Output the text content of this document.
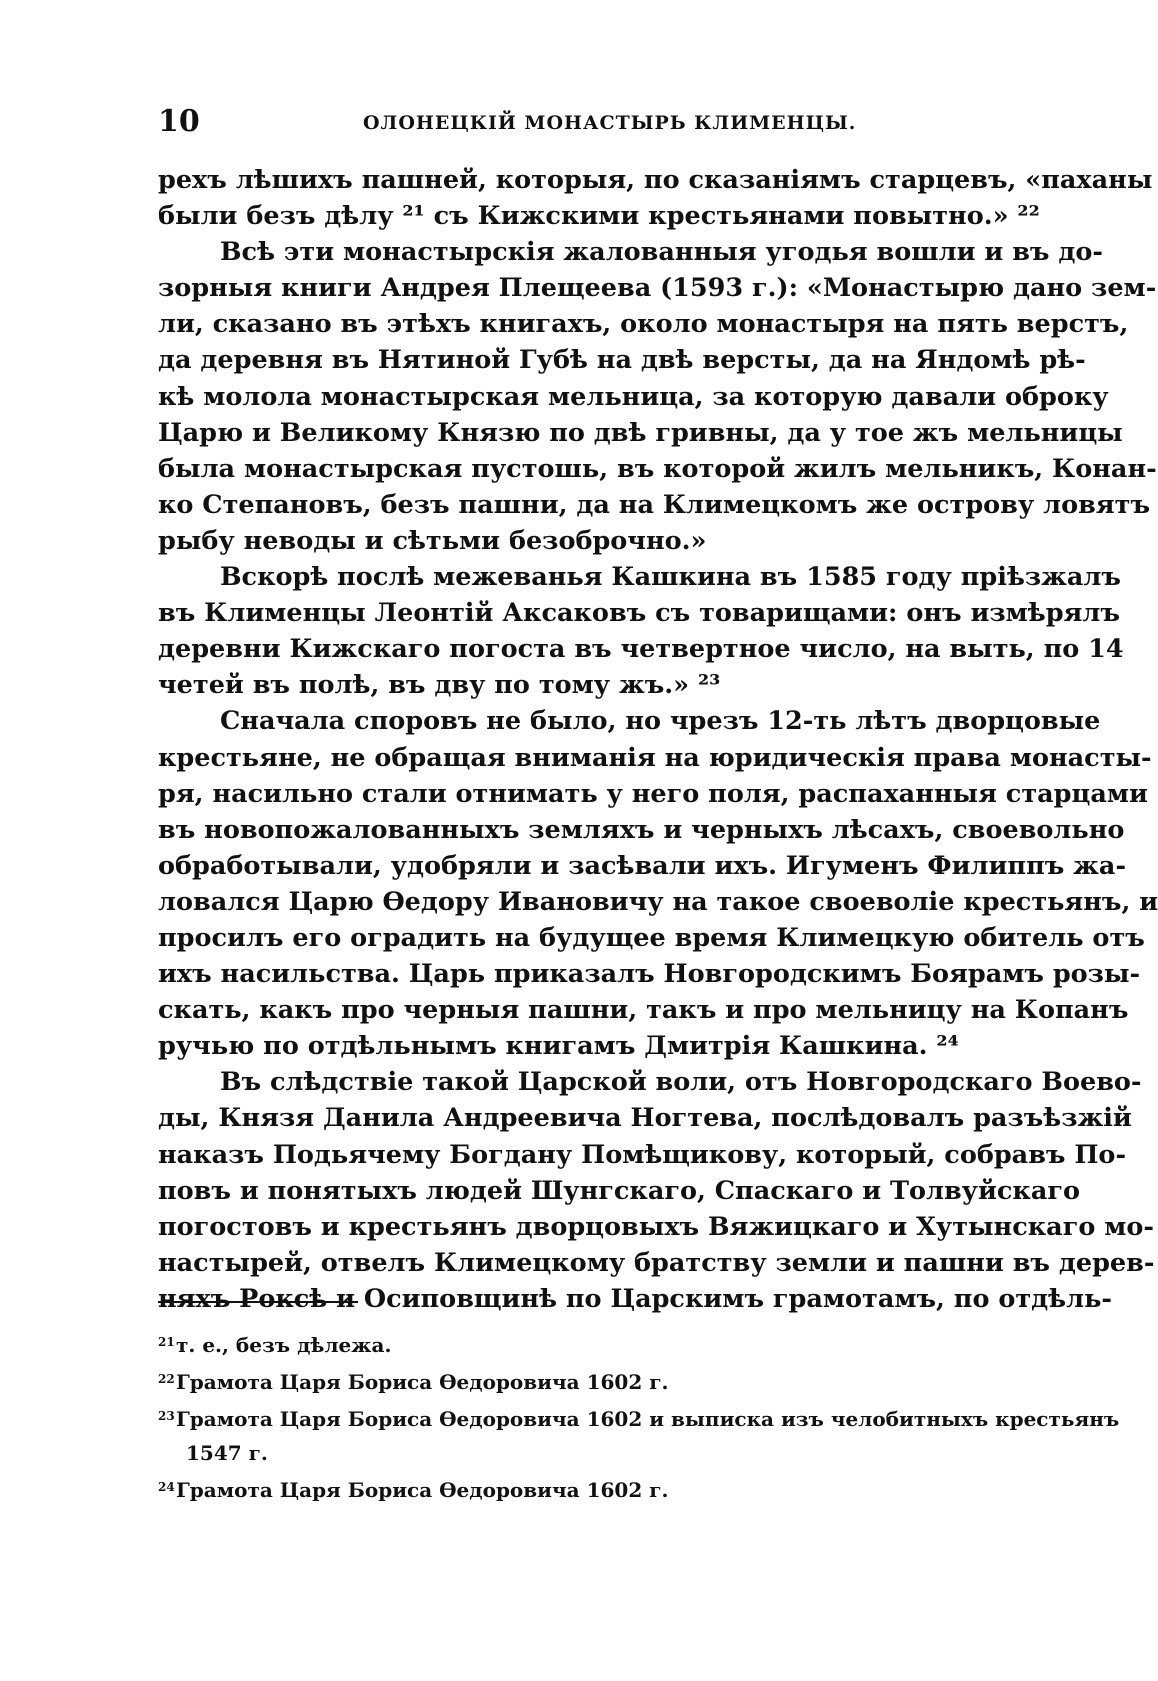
10	ОЛОНЕЦКІЙ МОНАСТЫРЬ КЛИМЕНЦЫ.
рехъ лѣшихъ пашней, которыя, по сказаніямъ старцевъ, «паханы
были безъ дѣлу ²¹ съ Кижскими крестьянами повытно.» ²²
Всѣ эти монастырскія жалованныя угодья вошли и въ до-
зорныя книги Андрея Плещеева (1593 г.): «Монастырю дано зем-
ли, сказано въ этѣхъ книгахъ, около монастыря на пять верстъ,
да деревня въ Нятиной Губѣ на двѣ версты, да на Яндомѣ рѣ-
кѣ молола монастырская мельница, за которую давали оброку
Царю и Великому Князю по двѣ гривны, да у тое жъ мельницы
была монастырская пустошь, въ которой жилъ мельникъ, Конан-
ко Степановъ, безъ пашни, да на Климецкомъ же острову ловятъ
рыбу неводы и сѣтьми безоброчно.»
Вскорѣ послѣ межеванья Кашкина въ 1585 году пріѣзжалъ
въ Клименцы Леонтій Аксаковъ съ товарищами: онъ измѣрялъ
деревни Кижскаго погоста въ четвертное число, на выть, по 14
четей въ полѣ, въ дву по тому жъ.» ²³
Сначала споровъ не было, но чрезъ 12-ть лѣтъ дворцовые
крестьяне, не обращая вниманія на юридическія права монасты-
ря, насильно стали отнимать у него поля, распаханныя старцами
въ новопожалованныхъ земляхъ и черныхъ лѣсахъ, своевольно
обработывали, удобряли и засѣвали ихъ. Игуменъ Филиппъ жа-
ловался Царю Ѳедору Ивановичу на такое своеволіе крестьянъ, и
просилъ его оградить на будущее время Климецкую обитель отъ
ихъ насильства. Царь приказалъ Новгородскимъ Боярамъ розы-
скать, какъ про черныя пашни, такъ и про мельницу на Копанъ
ручью по отдѣльнымъ книгамъ Дмитрія Кашкина. ²⁴
Въ слѣдствіе такой Царской воли, отъ Новгородскаго Воево-
ды, Князя Данила Андреевича Ногтева, послѣдовалъ разъѣзжій
наказъ Подьячему Богдану Помѣщикову, который, собравъ По-
повъ и понятыхъ людей Шунгскаго, Спаскаго и Толвуйскаго
погостовъ и крестьянъ дворцовыхъ Вяжицкаго и Хутынскаго мо-
настырей, отвелъ Климецкому братству земли и пашни въ дерев-
няхъ Роксѣ и Осиповщинѣ по Царскимъ грамотамъ, по отдѣль-
21т. е., безъ дѣлежа.
22Грамота Царя Бориса Ѳедоровича 1602 г.
23Грамота Царя Бориса Ѳедоровича 1602 и выписка изъ челобитныхъ крестьянъ
1547 г.
24Грамота Царя Бориса Ѳедоровича 1602 г.
